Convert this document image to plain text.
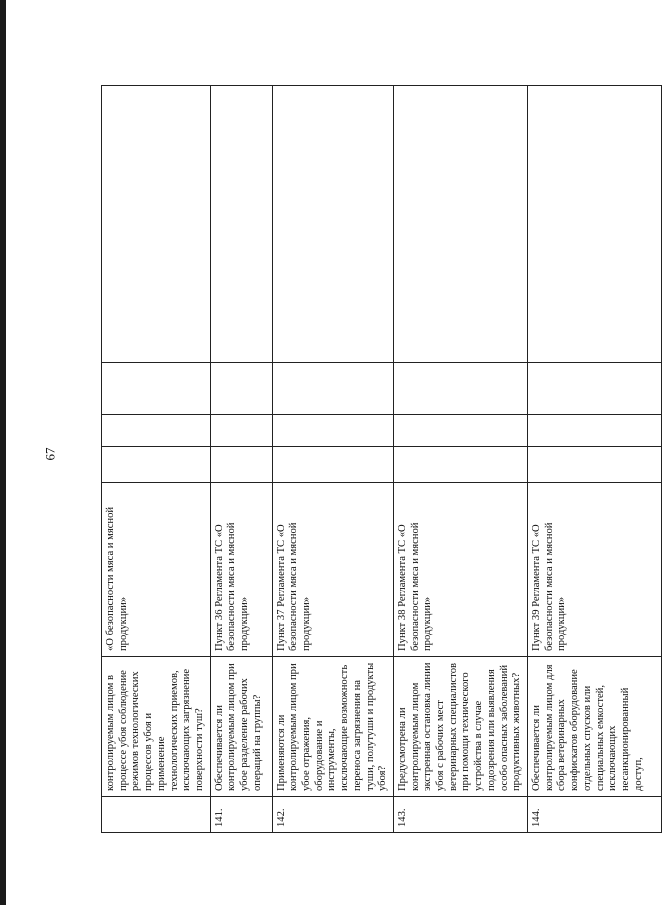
67
	контролируемым лицом в процессе убоя соблюдение режимов технологических процессов убоя и применение технологических приемов, исключающих загрязнение поверхности туш?	«О безопасности мяса и мясной продукции»				
141.	Обеспечивается ли контролируемым лицом при убое разделение рабочих операций на группы?	Пункт 36 Регламента ТС «О безопасности мяса и мясной продукции»				
142.	Применяются ли контролируемым лицом при убое отражения, оборудование и инструменты, исключающие возможность переноса загрязнения на туши, полутуши и продукты убоя?	Пункт 37 Регламента ТС «О безопасности мяса и мясной продукции»				
143.	Предусмотрена ли контролируемым лицом экстренная остановка линии убоя с рабочих мест ветеринарных специалистов при помощи технического устройства в случае подозрения или выявления особо опасных заболеваний продуктивных животных?	Пункт 38 Регламента ТС «О безопасности мяса и мясной продукции»				
144.	Обеспечивается ли контролируемым лицом для сбора ветеринарных конфискатов оборудование отдельных спусков или специальных емкостей, исключающих несанкционированный доступ,	Пункт 39 Регламента ТС «О безопасности мяса и мясной продукции»				
